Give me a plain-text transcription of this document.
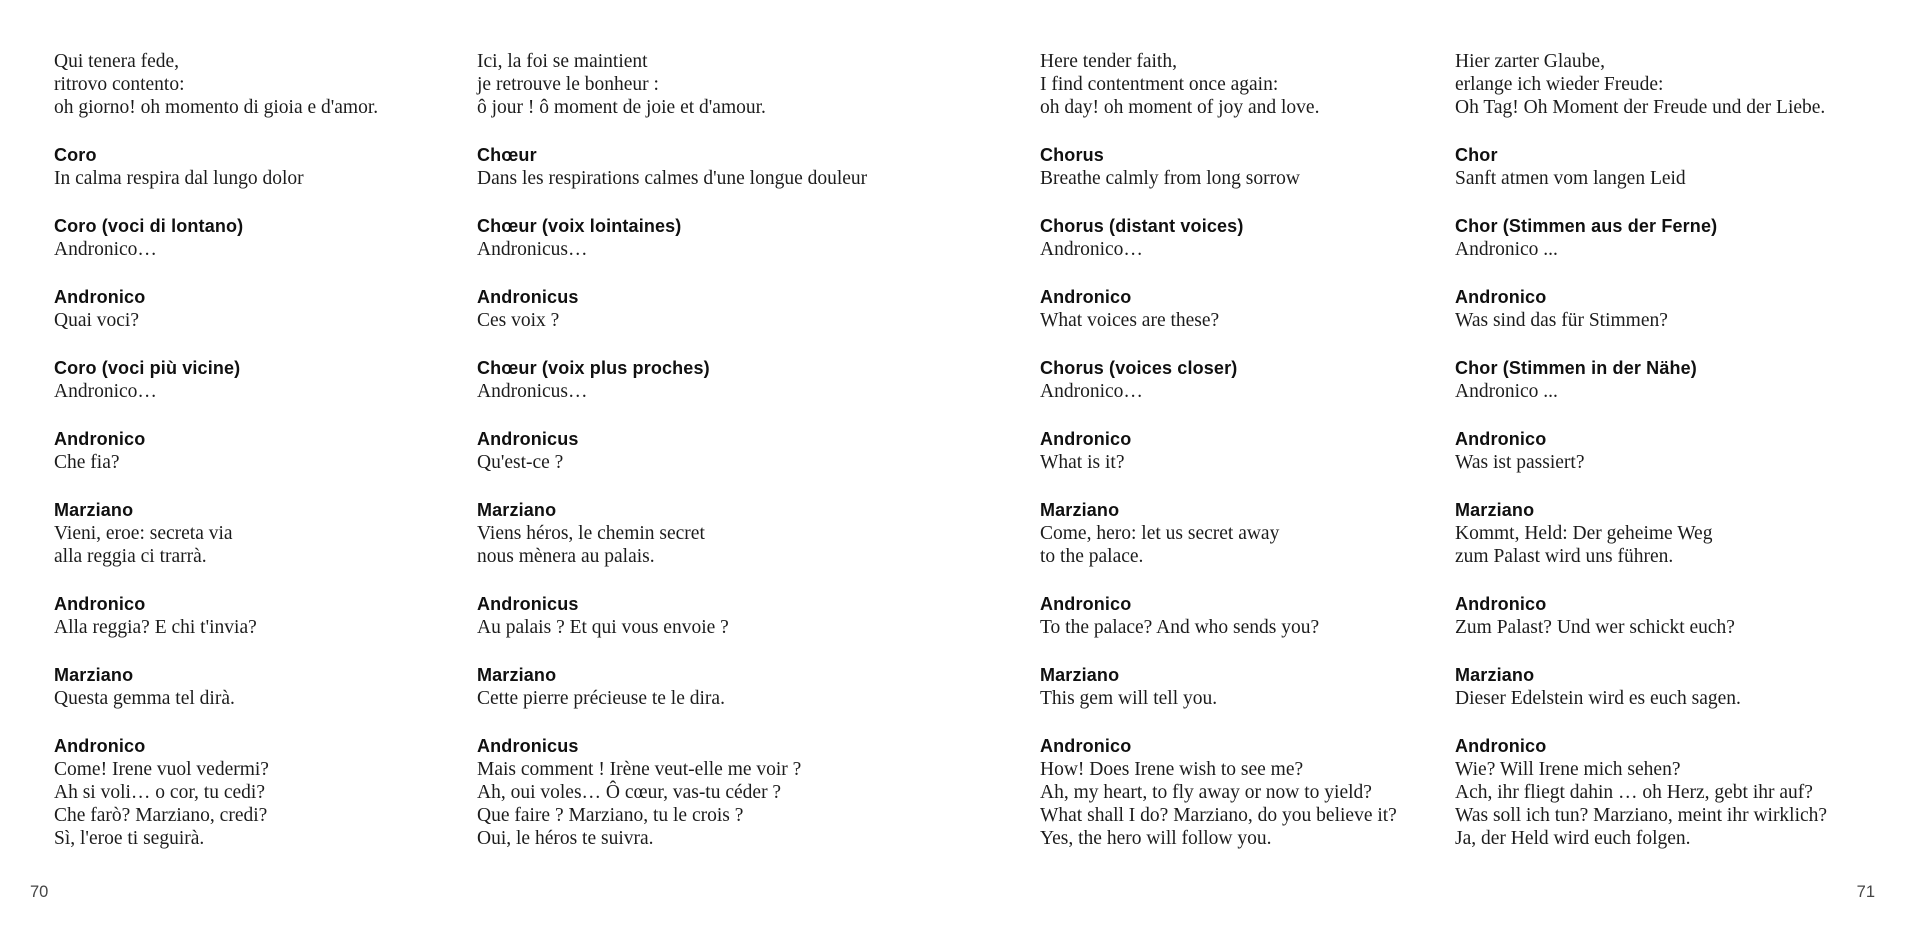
Qui tenera fede,
ritrovo contento:
oh giorno! oh momento di gioia e d'amor.
Coro
In calma respira dal lungo dolor
Coro (voci di lontano)
Andronico…
Andronico
Quai voci?
Coro (voci più vicine)
Andronico…
Andronico
Che fia?
Marziano
Vieni, eroe: secreta via
alla reggia ci trarrà.
Andronico
Alla reggia? E chi t'invia?
Marziano
Questa gemma tel dirà.
Andronico
Come! Irene vuol vedermi?
Ah si voli… o cor, tu cedi?
Che farò? Marziano, credi?
Sì, l'eroe ti seguirà.
Ici, la foi se maintient
je retrouve le bonheur :
ô jour ! ô moment de joie et d'amour.
Chœur
Dans les respirations calmes d'une longue douleur
Chœur (voix lointaines)
Andronicus…
Andronicus
Ces voix ?
Chœur (voix plus proches)
Andronicus…
Andronicus
Qu'est-ce ?
Marziano
Viens héros, le chemin secret
nous mènera au palais.
Andronicus
Au palais ? Et qui vous envoie ?
Marziano
Cette pierre précieuse te le dira.
Andronicus
Mais comment ! Irène veut-elle me voir ?
Ah, oui voles… Ô cœur, vas-tu céder ?
Que faire ? Marziano, tu le crois ?
Oui, le héros te suivra.
Here tender faith,
I find contentment once again:
oh day! oh moment of joy and love.
Chorus
Breathe calmly from long sorrow
Chorus (distant voices)
Andronico…
Andronico
What voices are these?
Chorus (voices closer)
Andronico…
Andronico
What is it?
Marziano
Come, hero: let us secret away
to the palace.
Andronico
To the palace? And who sends you?
Marziano
This gem will tell you.
Andronico
How! Does Irene wish to see me?
Ah, my heart, to fly away or now to yield?
What shall I do? Marziano, do you believe it?
Yes, the hero will follow you.
Hier zarter Glaube,
erlange ich wieder Freude:
Oh Tag! Oh Moment der Freude und der Liebe.
Chor
Sanft atmen vom langen Leid
Chor (Stimmen aus der Ferne)
Andronico ...
Andronico
Was sind das für Stimmen?
Chor (Stimmen in der Nähe)
Andronico ...
Andronico
Was ist passiert?
Marziano
Kommt, Held: Der geheime Weg
zum Palast wird uns führen.
Andronico
Zum Palast? Und wer schickt euch?
Marziano
Dieser Edelstein wird es euch sagen.
Andronico
Wie? Will Irene mich sehen?
Ach, ihr fliegt dahin … oh Herz, gebt ihr auf?
Was soll ich tun? Marziano, meint ihr wirklich?
Ja, der Held wird euch folgen.
70	71
